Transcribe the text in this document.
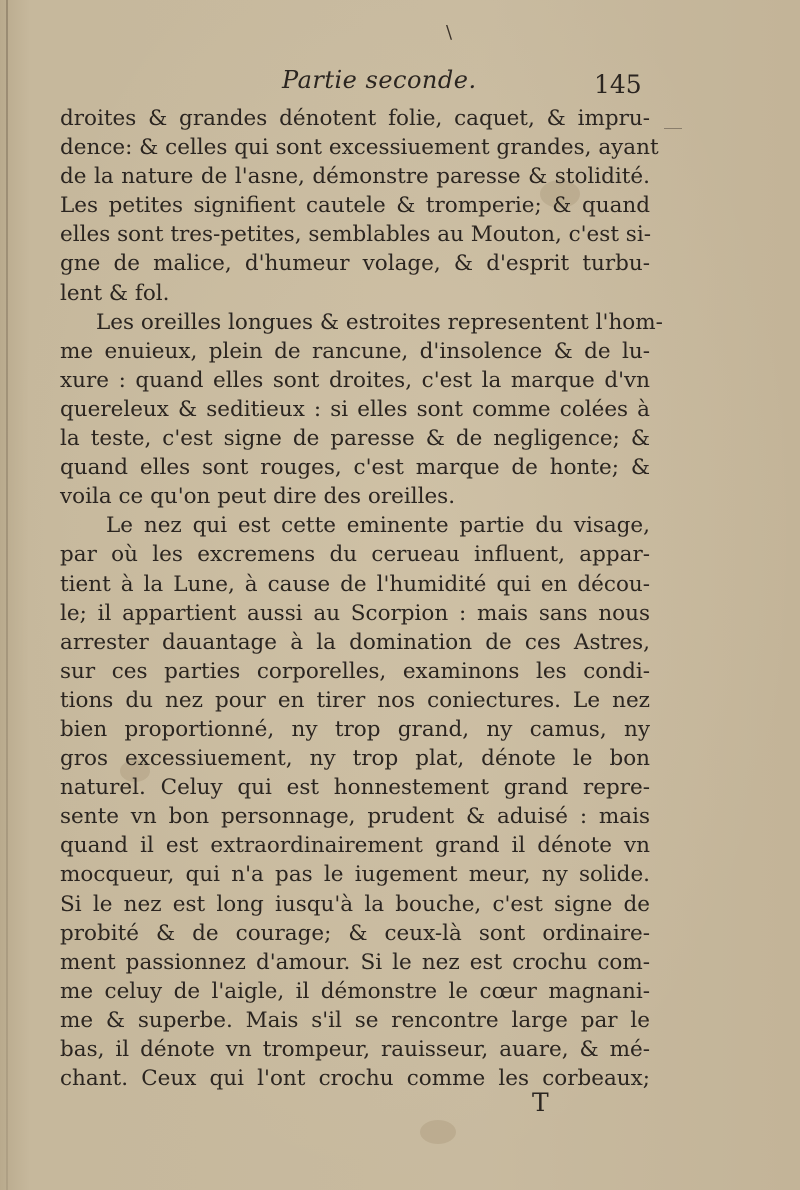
\
Partie seconde.	145
droites & grandes dénotent folie, caquet, & impru-
dence: & celles qui sont excessiuement grandes, ayant
de la nature de l'asne, démonstre paresse & stolidité.
Les petites signifient cautele & tromperie; & quand
elles sont tres-petites, semblables au Mouton, c'est si-
gne de malice, d'humeur volage, & d'esprit turbu-
lent & fol.
Les oreilles longues & estroites representent l'hom-
me enuieux, plein de rancune, d'insolence & de lu-
xure : quand elles sont droites, c'est la marque d'vn
quereleux & seditieux : si elles sont comme colées à
la teste, c'est signe de paresse & de negligence; &
quand elles sont rouges, c'est marque de honte; &
voila ce qu'on peut dire des oreilles.
Le nez qui est cette eminente partie du visage,
par où les excremens du cerueau influent, appar-
tient à la Lune, à cause de l'humidité qui en décou-
le; il appartient aussi au Scorpion : mais sans nous
arrester dauantage à la domination de ces Astres,
sur ces parties corporelles, examinons les condi-
tions du nez pour en tirer nos coniectures. Le nez
bien proportionné, ny trop grand, ny camus, ny
gros excessiuement, ny trop plat, dénote le bon
naturel. Celuy qui est honnestement grand repre-
sente vn bon personnage, prudent & aduisé : mais
quand il est extraordinairement grand il dénote vn
mocqueur, qui n'a pas le iugement meur, ny solide.
Si le nez est long iusqu'à la bouche, c'est signe de
probité & de courage; & ceux-là sont ordinaire-
ment passionnez d'amour. Si le nez est crochu com-
me celuy de l'aigle, il démonstre le cœur magnani-
me & superbe. Mais s'il se rencontre large par le
bas, il dénote vn trompeur, rauisseur, auare, & mé-
chant. Ceux qui l'ont crochu comme les corbeaux;
T
